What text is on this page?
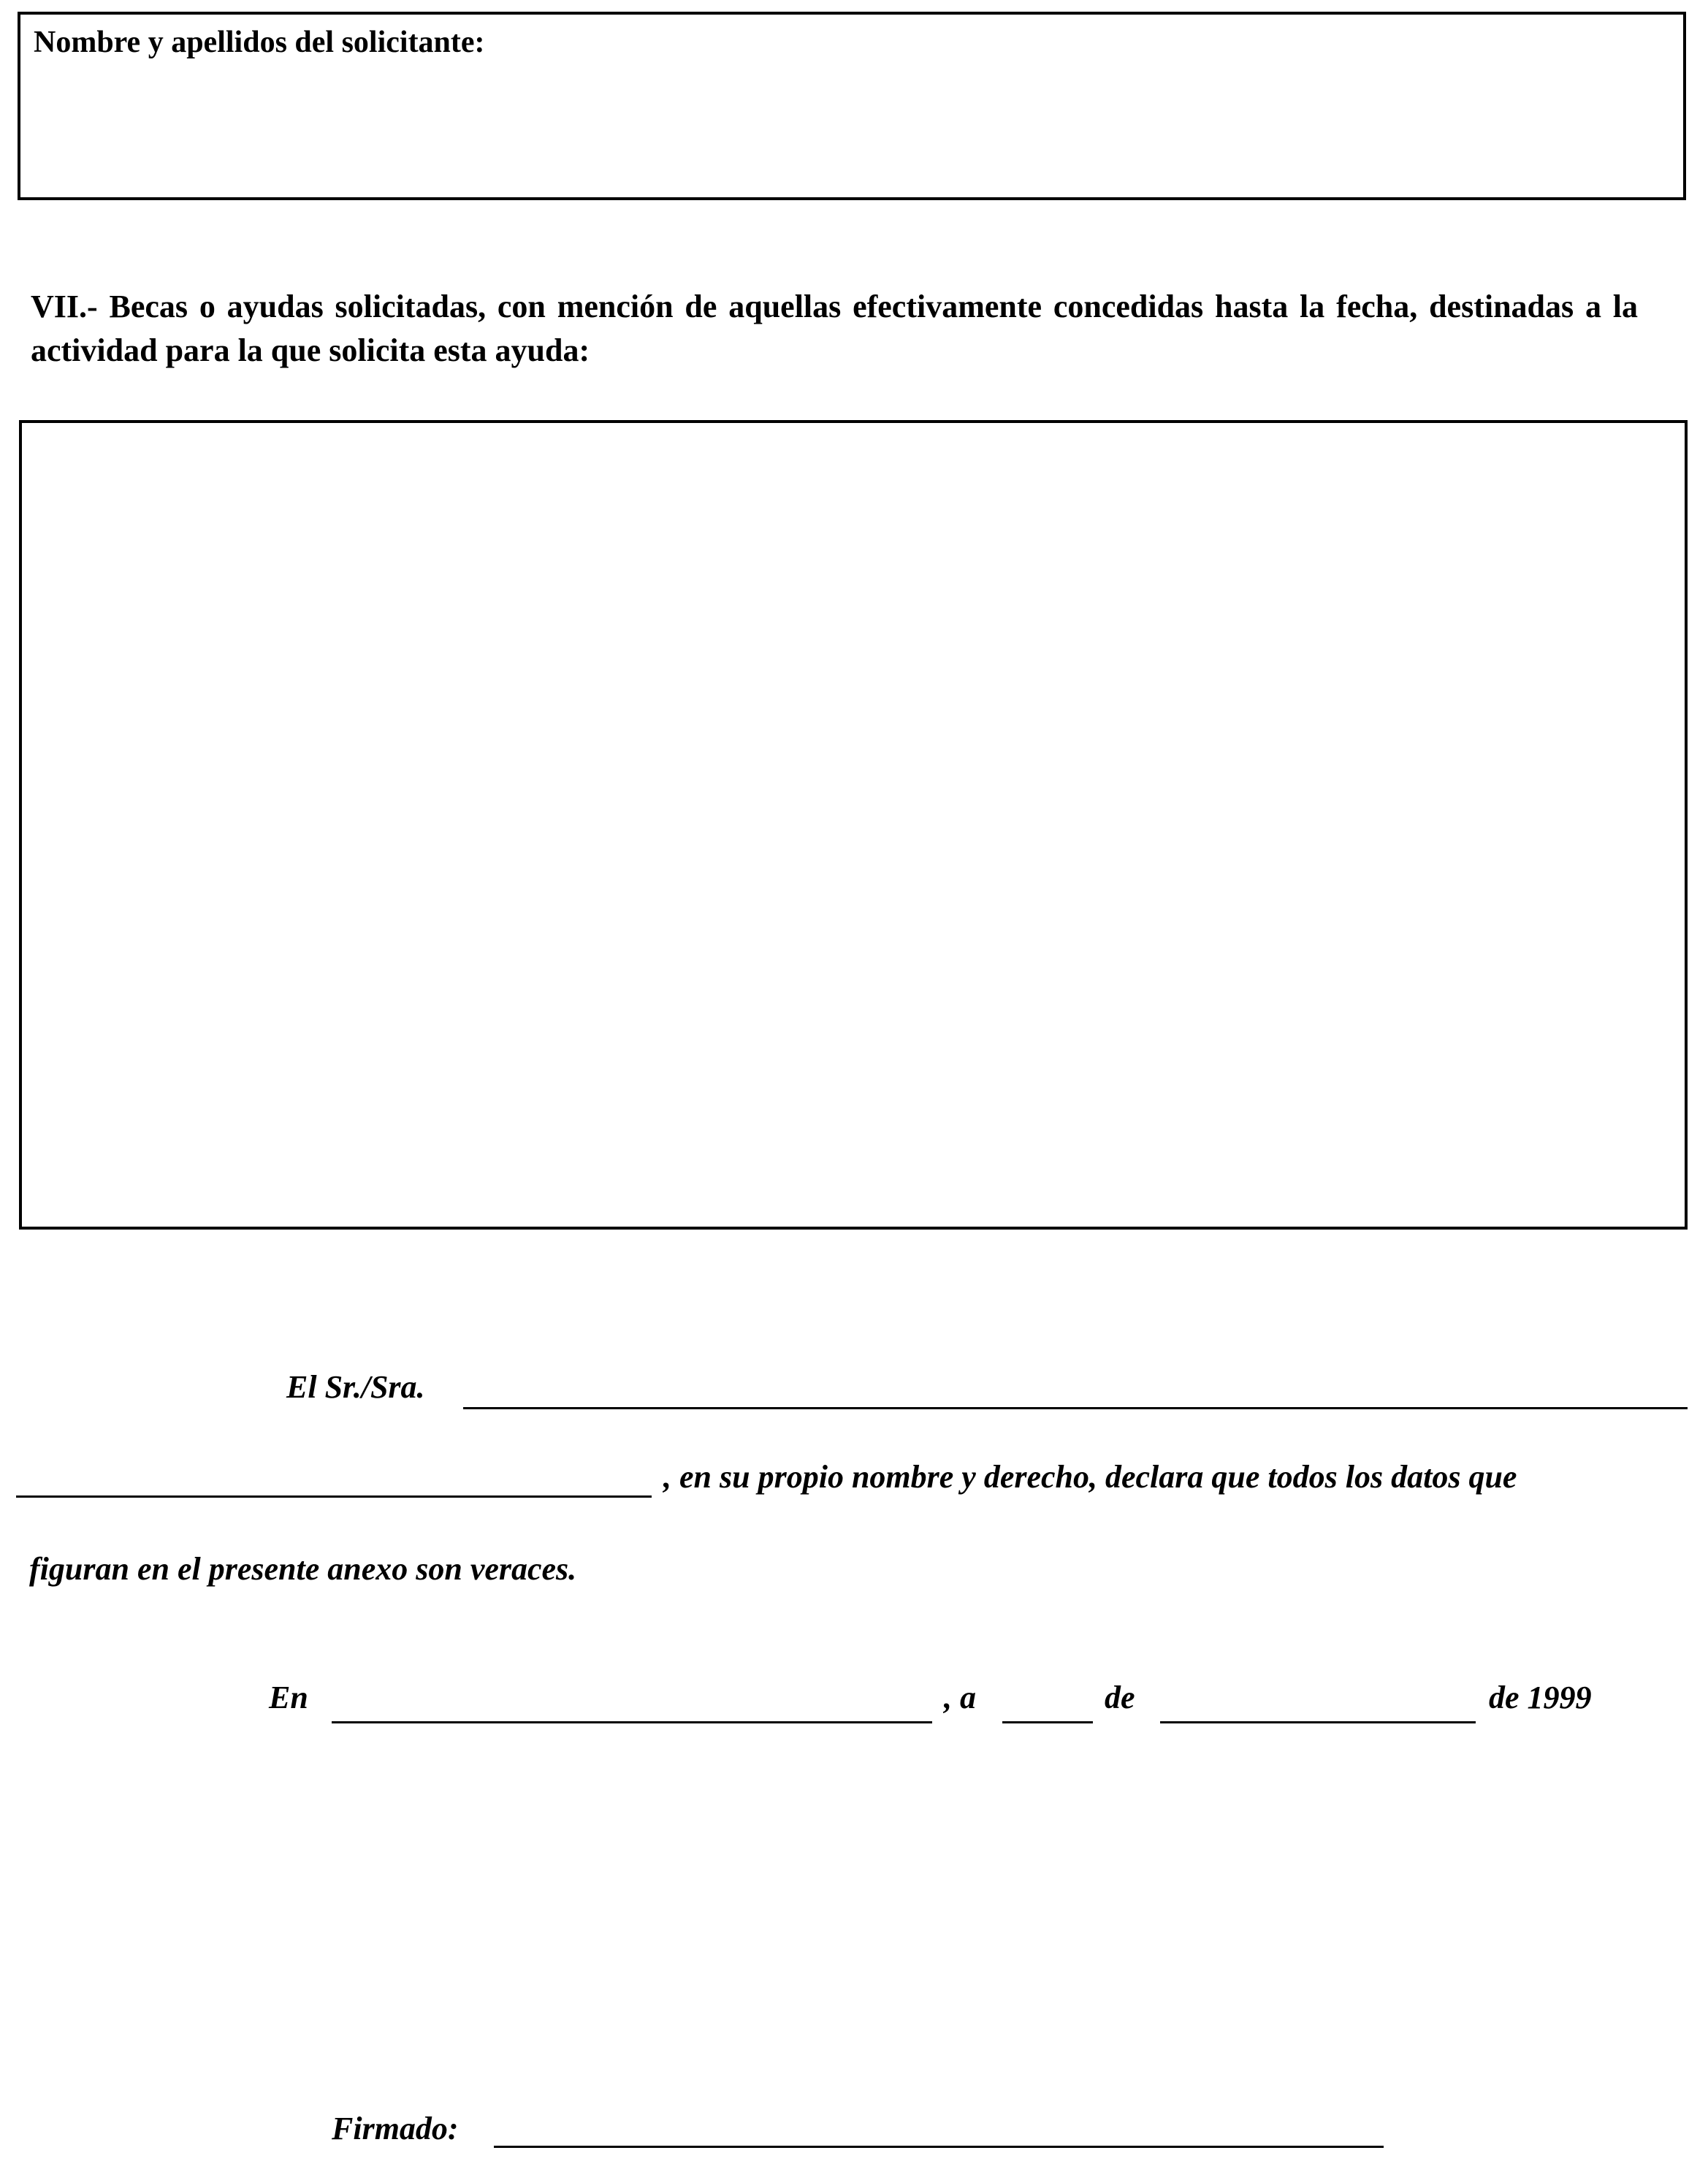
Nombre y apellidos del solicitante:
VII.- Becas o ayudas solicitadas, con mención de aquellas efectivamente concedidas hasta la fecha, destinadas a la actividad para la que solicita esta ayuda:
El Sr./Sra.
, en su propio nombre y derecho, declara que todos los datos que
figuran en el presente anexo son veraces.
En	, a	de	de 1999
Firmado:
